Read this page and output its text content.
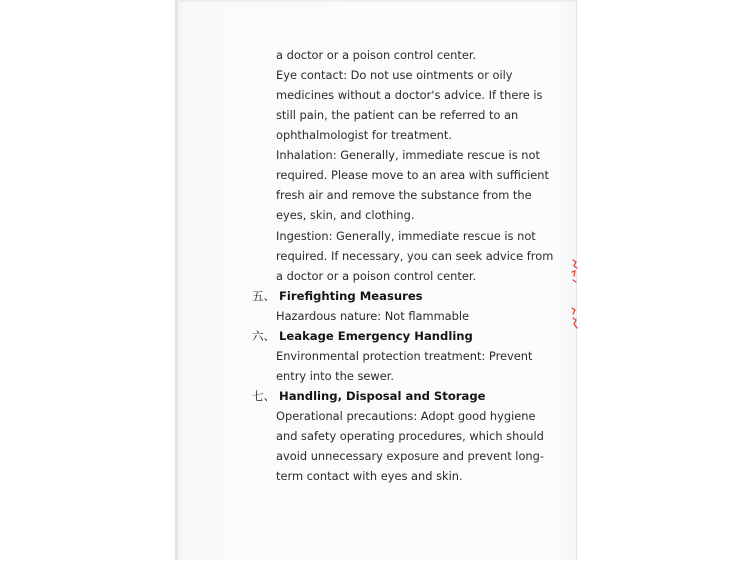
a doctor or a poison control center.
Eye contact: Do not use ointments or oily
medicines without a doctor's advice. If there is
still pain, the patient can be referred to an
ophthalmologist for treatment.
Inhalation: Generally, immediate rescue is not
required. Please move to an area with sufficient
fresh air and remove the substance from the
eyes, skin, and clothing.
Ingestion: Generally, immediate rescue is not
required. If necessary, you can seek advice from
a doctor or a poison control center.
五、 Firefighting Measures
Hazardous nature: Not flammable
六、 Leakage Emergency Handling
Environmental protection treatment: Prevent
entry into the sewer.
七、 Handling, Disposal and Storage
Operational precautions: Adopt good hygiene
and safety operating procedures, which should
avoid unnecessary exposure and prevent long-
term contact with eyes and skin.
